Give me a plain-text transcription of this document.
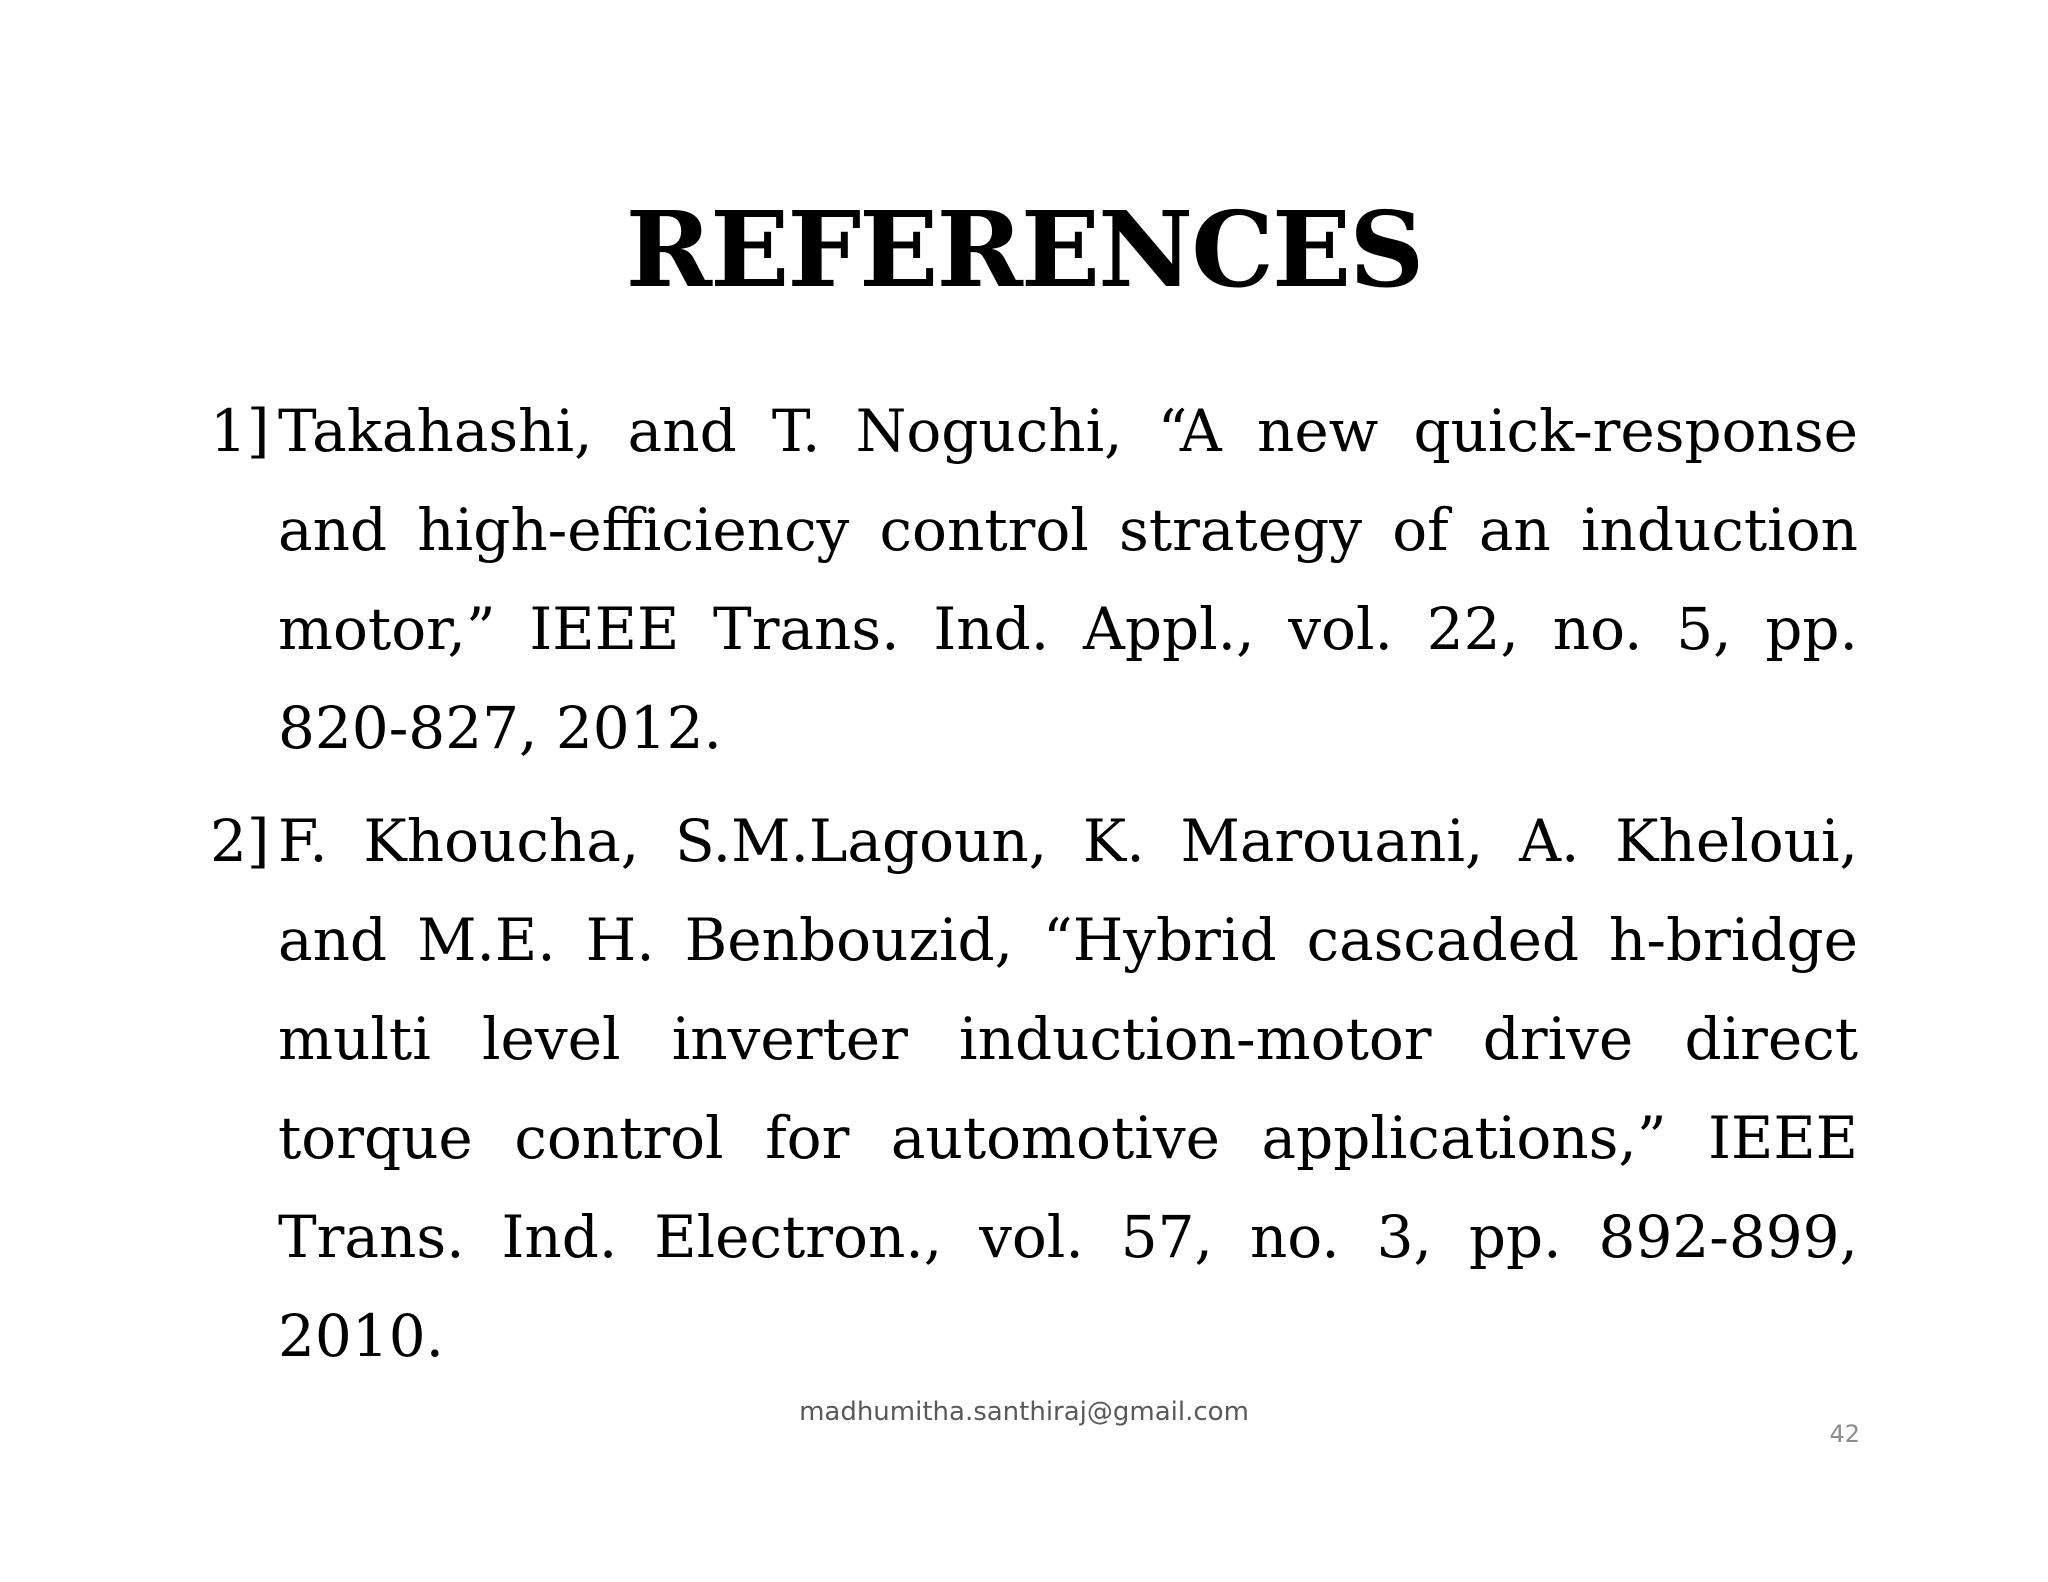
REFERENCES
1] Takahashi, and T. Noguchi, “A new quick-response and high-efficiency control strategy of an induction motor,” IEEE Trans. Ind. Appl., vol. 22, no. 5, pp. 820-827, 2012.
2] F. Khoucha, S.M.Lagoun, K. Marouani, A. Kheloui, and M.E. H. Benbouzid, “Hybrid cascaded h-bridge multi level inverter induction-motor drive direct torque control for automotive applications,” IEEE Trans. Ind. Electron., vol. 57, no. 3, pp. 892-899, 2010.

madhumitha.santhiraj@gmail.com

42
